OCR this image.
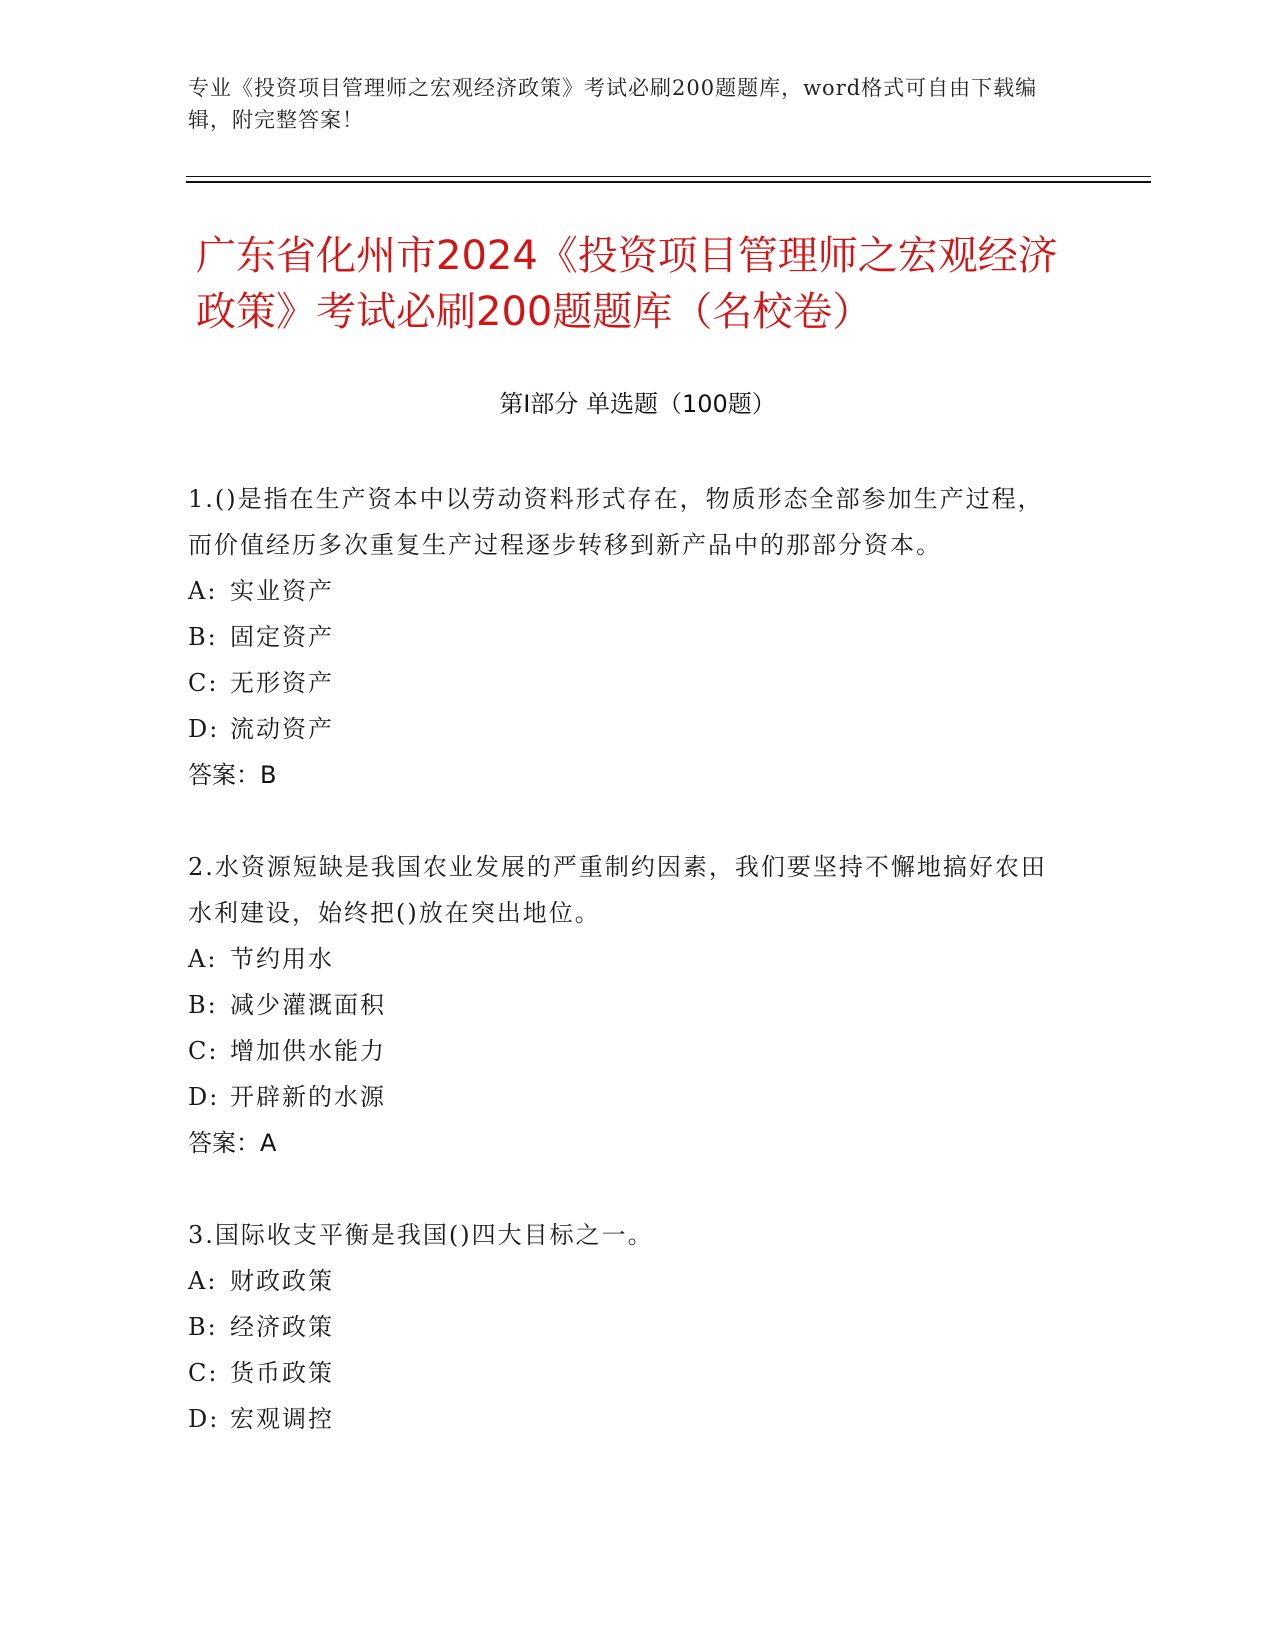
专业《投资项目管理师之宏观经济政策》考试必刷200题题库，word格式可自由下载编辑，附完整答案！
广东省化州市2024《投资项目管理师之宏观经济政策》考试必刷200题题库（名校卷）
第I部分 单选题（100题）

1.()是指在生产资本中以劳动资料形式存在，物质形态全部参加生产过程，而价值经历多次重复生产过程逐步转移到新产品中的那部分资本。

A: 实业资产
B: 固定资产
C: 无形资产
D: 流动资产
答案：B

2.水资源短缺是我国农业发展的严重制约因素，我们要坚持不懈地搞好农田水利建设，始终把()放在突出地位。

A: 节约用水
B: 减少灌溉面积
C: 增加供水能力
D: 开辟新的水源
答案：A

3.国际收支平衡是我国()四大目标之一。

A: 财政政策
B: 经济政策
C: 货币政策
D: 宏观调控
